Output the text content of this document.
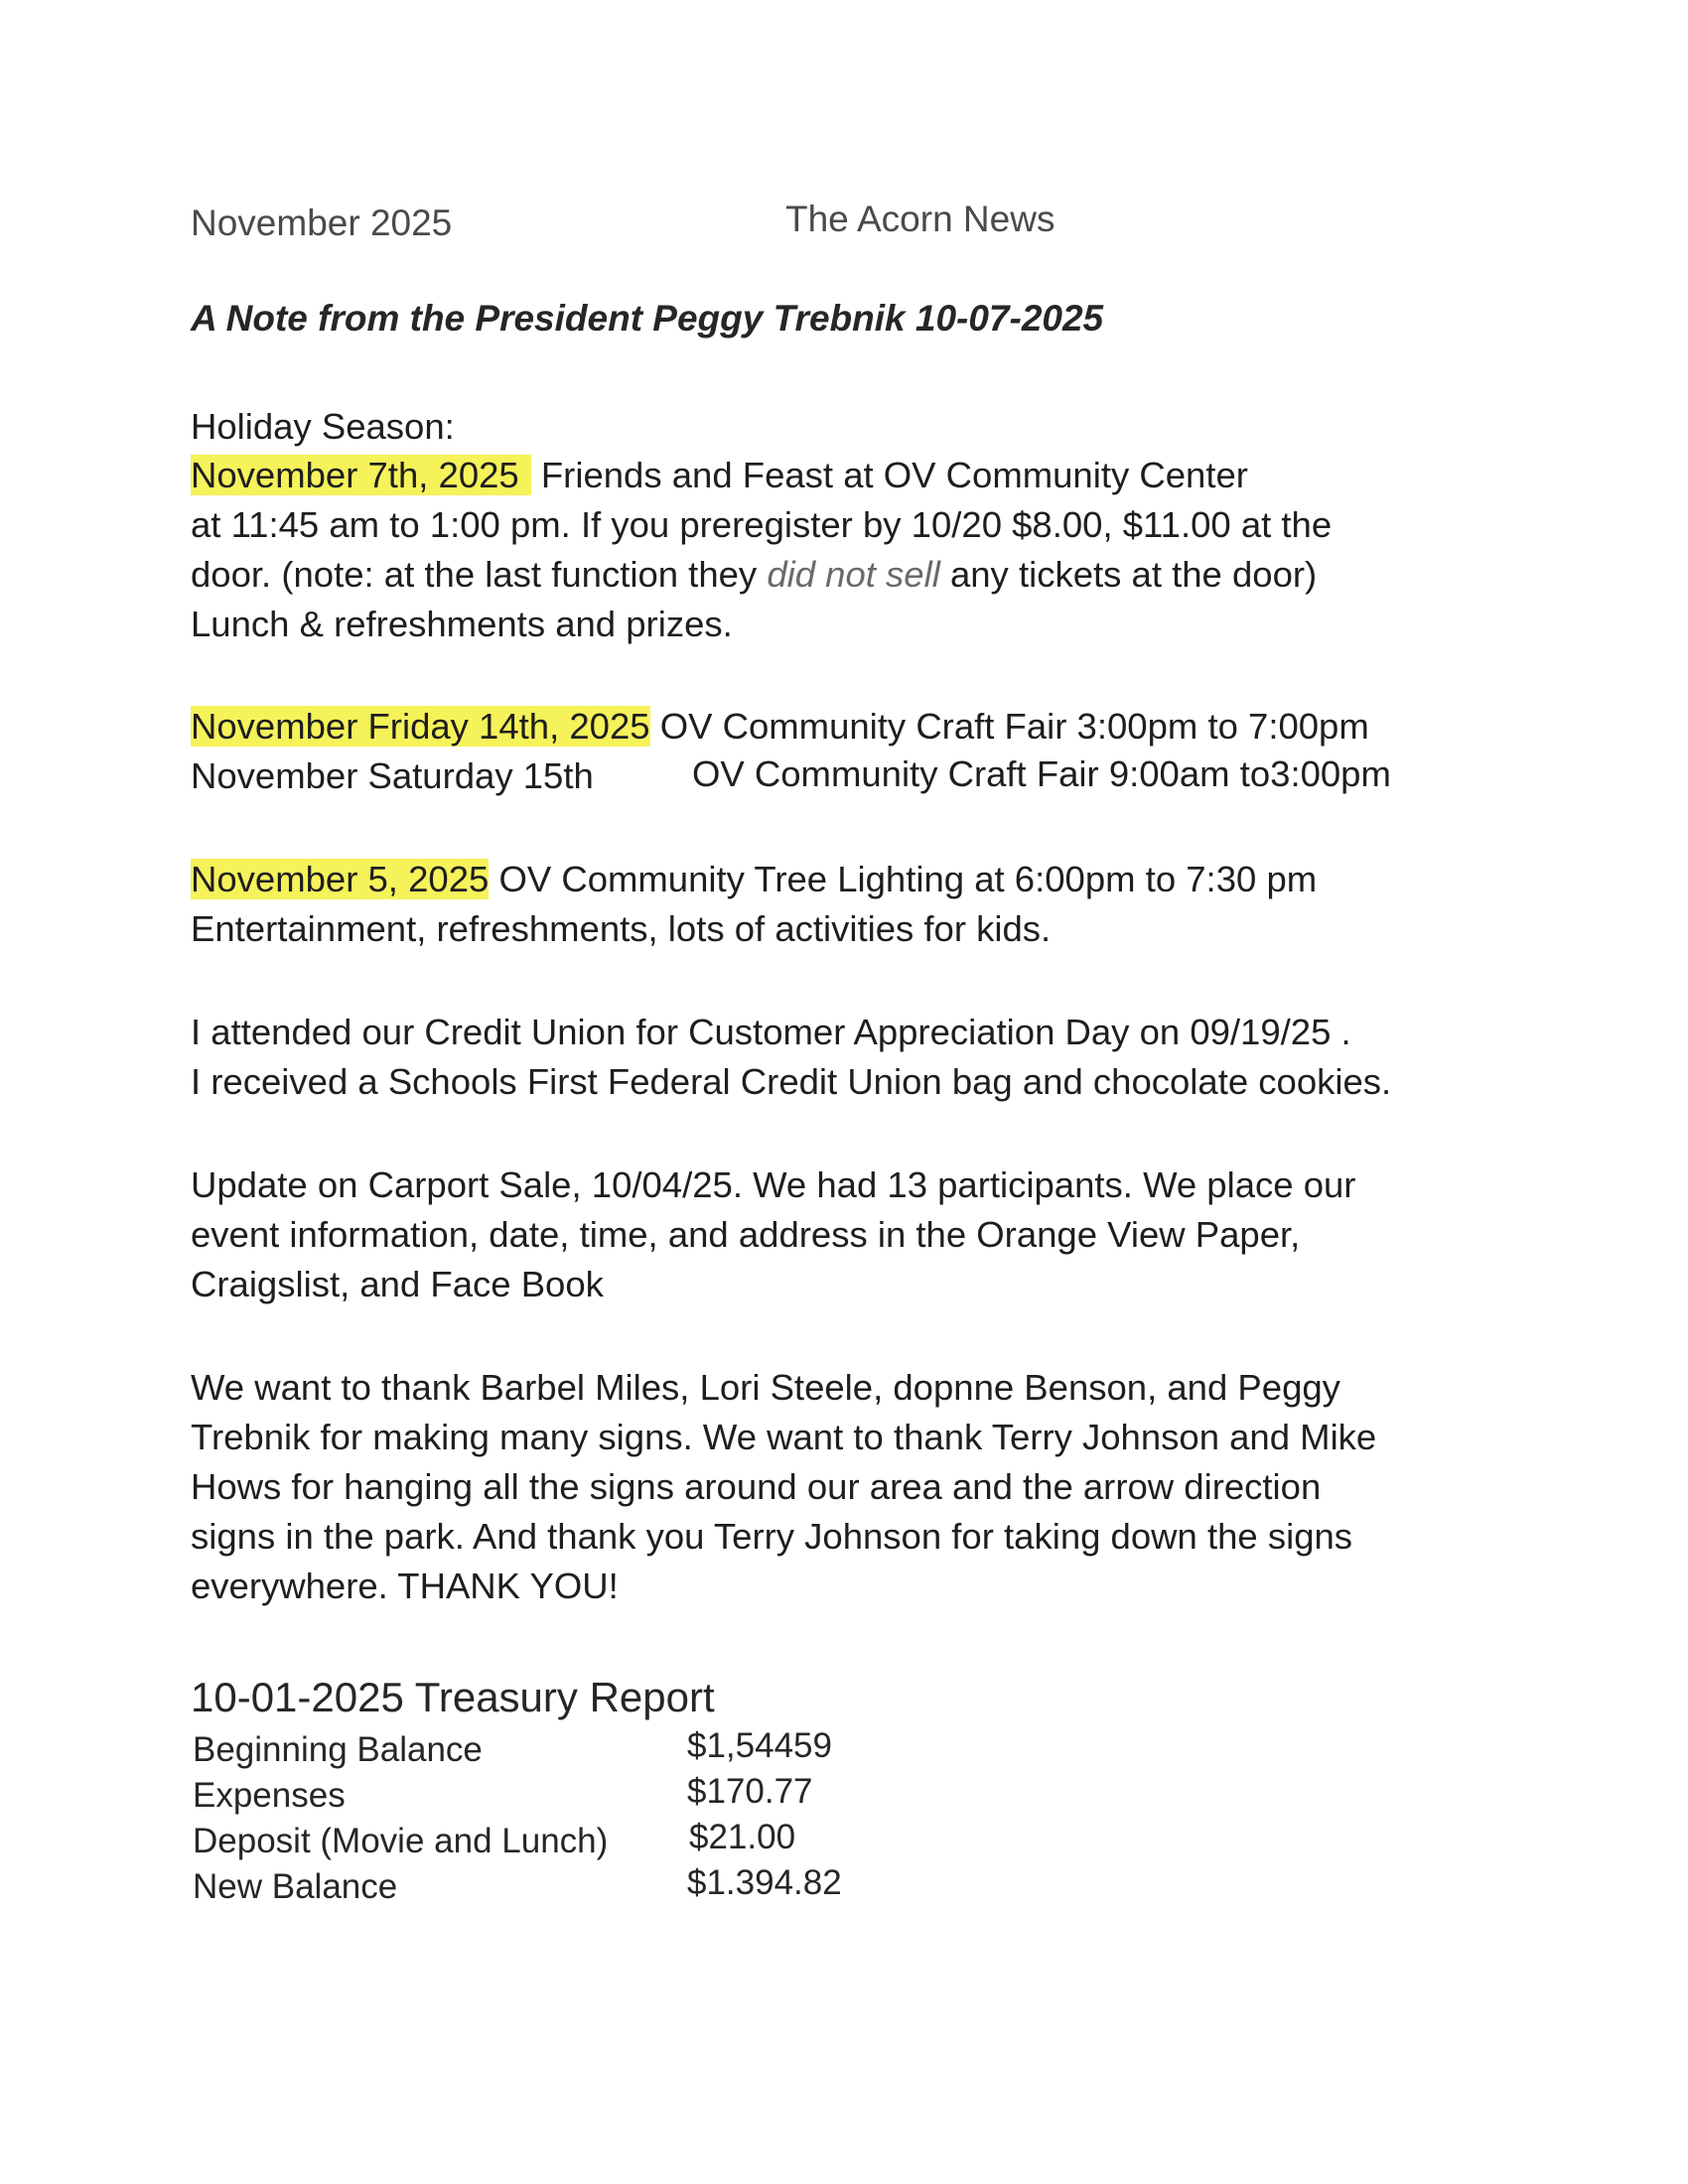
November 2025	The Acorn News
A Note from the President Peggy Trebnik 10-07-2025
Holiday Season:
November 7th, 2025 Friends and Feast at OV Community Center
at 11:45 am to 1:00 pm. If you preregister by 10/20 $8.00, $11.00 at the
door. (note: at the last function they did not sell any tickets at the door)
Lunch & refreshments and prizes.
November Friday 14th, 2025 OV Community Craft Fair 3:00pm to 7:00pm
November Saturday 15th	OV Community Craft Fair 9:00am to3:00pm
November 5, 2025 OV Community Tree Lighting at 6:00pm to 7:30 pm
Entertainment, refreshments, lots of activities for kids.
I attended our Credit Union for Customer Appreciation Day on 09/19/25 .
I received a Schools First Federal Credit Union bag and chocolate cookies.
Update on Carport Sale, 10/04/25. We had 13 participants. We place our
event information, date, time, and address in the Orange View Paper,
Craigslist, and Face Book
We want to thank Barbel Miles, Lori Steele, dopnne Benson, and Peggy
Trebnik for making many signs. We want to thank Terry Johnson and Mike
Hows for hanging all the signs around our area and the arrow direction
signs in the park. And thank you Terry Johnson for taking down the signs
everywhere. THANK YOU!
10-01-2025 Treasury Report
Beginning Balance	$1,54459
Expenses	$170.77
Deposit (Movie and Lunch) $21.00
New Balance	$1.394.82
